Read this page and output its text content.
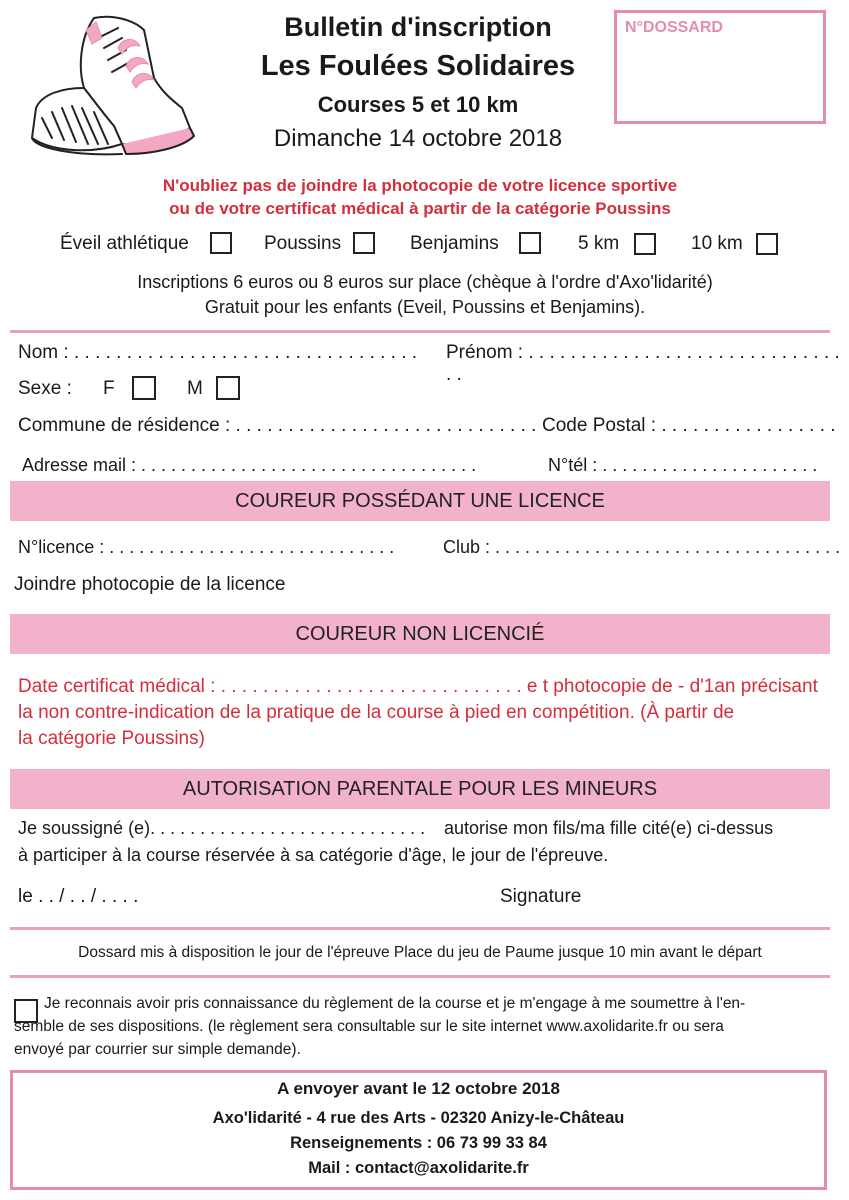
Bulletin d'inscription
Les Foulées Solidaires
Courses 5 et 10 km
Dimanche 14 octobre 2018
N°DOSSARD
N'oubliez pas de joindre la photocopie de votre licence sportive
ou de votre certificat médical à partir de la catégorie Poussins
Éveil athlétique	Poussins	Benjamins	5 km	10 km
Inscriptions 6 euros ou 8 euros sur place (chèque à l'ordre d'Axo'lidarité)
Gratuit pour les enfants (Eveil, Poussins et Benjamins).
Nom : . . . . . . . . . . . . . . . . . . . . . . . . . . . . . . . . . Prénom : . . . . . . . . . . . . . . . . . . . . . . . . . . . . . . . .
Sexe : F	M
Commune de résidence : . . . . . . . . . . . . . . . . . . . . . . . . . . . . . Code Postal : . . . . . . . . . . . . . . . . .
Adresse mail : . . . . . . . . . . . . . . . . . . . . . . . . . . . . . . . . . .	N°tél : . . . . . . . . . . . . . . . . . . . . . .
COUREUR POSSÉDANT UNE LICENCE
N°licence : . . . . . . . . . . . . . . . . . . . . . . . . . . . . .	Club : . . . . . . . . . . . . . . . . . . . . . . . . . . . . . . . . . . .
Joindre photocopie de la licence
COUREUR NON LICENCIÉ
Date certificat médical : . . . . . . . . . . . . . . . . . . . . . . . . . . . . . e t photocopie de - d'1an précisant
la non contre-indication de la pratique de la course à pied en compétition. (À partir de
la catégorie Poussins)
AUTORISATION PARENTALE POUR LES MINEURS
Je soussigné (e). . . . . . . . . . . . . . . . . . . . . . . . . . . . autorise mon fils/ma fille cité(e) ci-dessus
à participer à la course réservée à sa catégorie d'âge, le jour de l'épreuve.
le . . / . . / . . . .	Signature
Dossard mis à disposition le jour de l'épreuve Place du jeu de Paume jusque 10 min avant le départ
Je reconnais avoir pris connaissance du règlement de la course et je m'engage à me soumettre à l'en-
semble de ses dispositions. (le règlement sera consultable sur le site internet www.axolidarite.fr ou sera
envoyé par courrier sur simple demande).
A envoyer avant le 12 octobre 2018
Axo'lidarité - 4 rue des Arts - 02320 Anizy-le-Château
Renseignements : 06 73 99 33 84
Mail : contact@axolidarite.fr
